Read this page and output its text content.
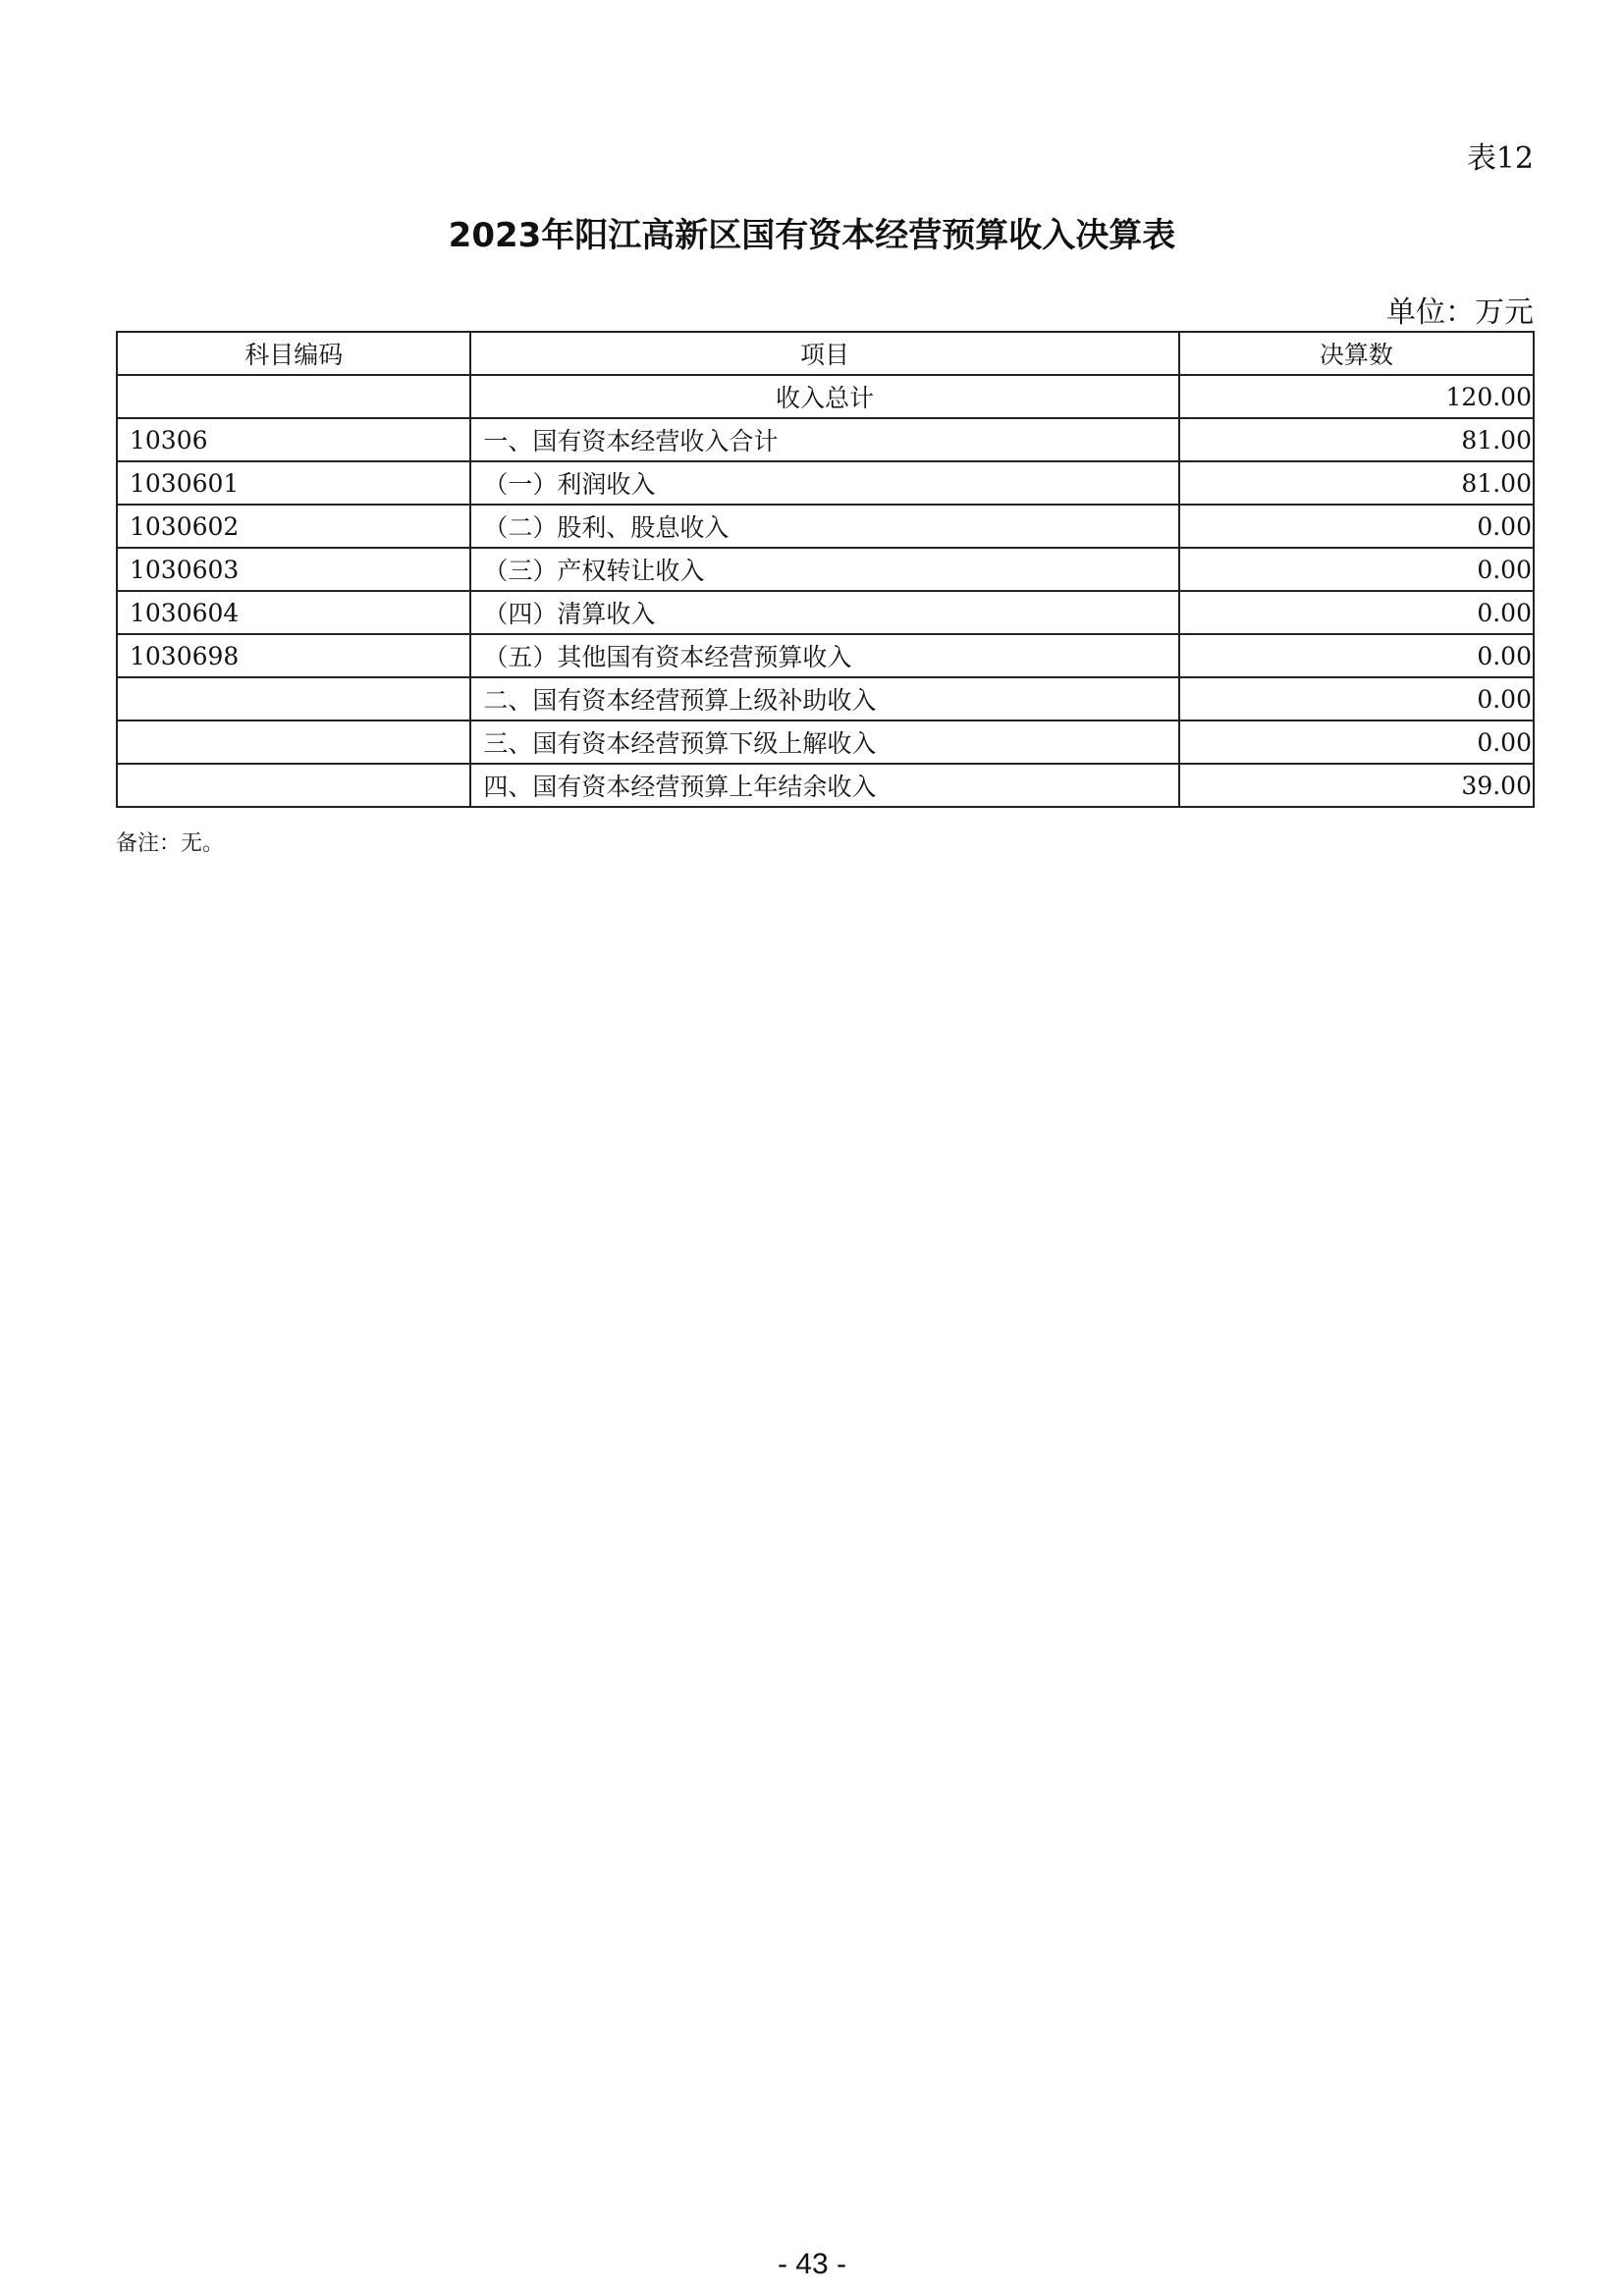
表12
2023年阳江高新区国有资本经营预算收入决算表
单位：万元
科目编码	项目	决算数
	收入总计	120.00
10306	一、国有资本经营收入合计	81.00
1030601	（一）利润收入	81.00
1030602	（二）股利、股息收入	0.00
1030603	（三）产权转让收入	0.00
1030604	（四）清算收入	0.00
1030698	（五）其他国有资本经营预算收入	0.00
	二、国有资本经营预算上级补助收入	0.00
	三、国有资本经营预算下级上解收入	0.00
	四、国有资本经营预算上年结余收入	39.00
备注：无。
- 43 -
